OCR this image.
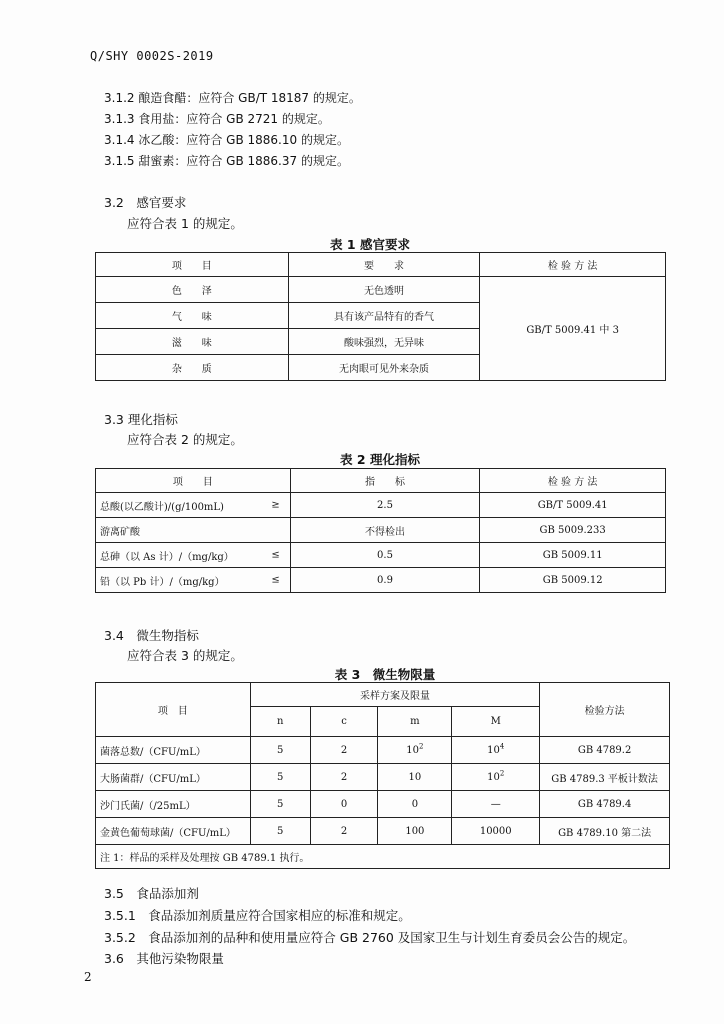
Q/SHY 0002S-2019
3.1.2 酿造食醋：应符合 GB/T 18187 的规定。
3.1.3 食用盐：应符合 GB 2721 的规定。
3.1.4 冰乙酸：应符合 GB 1886.10 的规定。
3.1.5 甜蜜素：应符合 GB 1886.37 的规定。
3.2　感官要求
应符合表 1 的规定。
表 1 感官要求
项　　目	要　　求	检 验 方 法
色　　泽	无色透明	GB/T 5009.41 中 3
气　　味	具有该产品特有的香气	
滋　　味	酸味强烈，无异味	
杂　　质	无肉眼可见外来杂质	
3.3 理化指标
应符合表 2 的规定。
表 2 理化指标
项　　目	指　　标	检 验 方 法
总酸(以乙酸计)/(g/100mL) ≥	2.5	GB/T 5009.41
游离矿酸	不得检出	GB 5009.233
总砷（以 As 计）/（mg/kg） ≤	0.5	GB 5009.11
铅（以 Pb 计）/（mg/kg） ≤	0.9	GB 5009.12
3.4　微生物指标
应符合表 3 的规定。
表 3　微生物限量
项　目	采样方案及限量				检验方法
	n	c	m	M	
菌落总数/（CFU/mL）	5	2	$10^2$	$10^4$	GB 4789.2
大肠菌群/（CFU/mL）	5	2	10	$10^2$	GB 4789.3 平板计数法
沙门氏菌/（/25mL）	5	0	0	—	GB 4789.4
金黄色葡萄球菌/（CFU/mL）	5	2	100	10000	GB 4789.10 第二法
注 1：样品的采样及处理按 GB 4789.1 执行。					
3.5　食品添加剂
3.5.1　食品添加剂质量应符合国家相应的标准和规定。
3.5.2　食品添加剂的品种和使用量应符合 GB 2760 及国家卫生与计划生育委员会公告的规定。
3.6　其他污染物限量
2
